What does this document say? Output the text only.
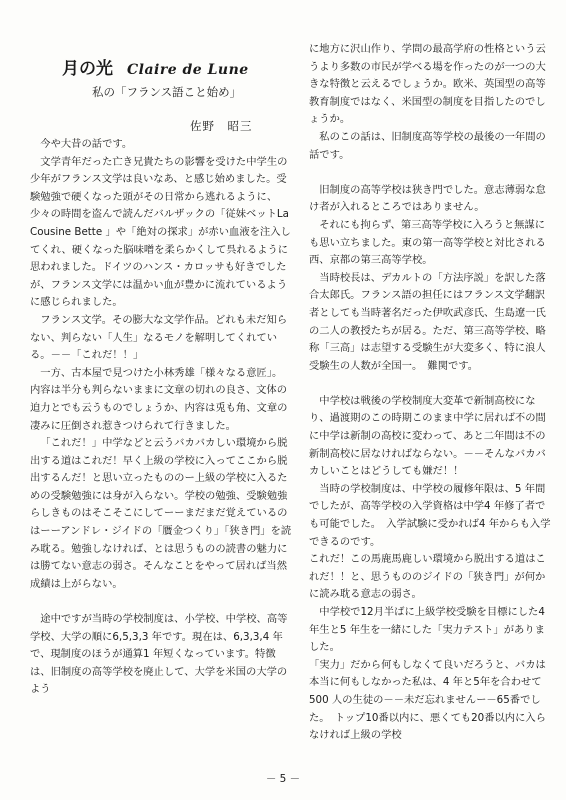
月の光 Claire de Lune
私の「フランス語こと始め」
佐野　昭三
今や大昔の話です。
文学青年だった亡き兄貴たちの影響を受けた中学生の少年がフランス文学は良いなあ、と感じ始めました。受験勉強で硬くなった頭がその日常から逃れるように、少々の時間を盗んで読んだバルザックの「従妹ベットLa Cousine Bette 」や「絶対の探求」が赤い血液を注入してくれ、硬くなった脳味噌を柔らかくして呉れるように思われました。ドイツのハンス・カロッサも好きでしたが、フランス文学には温かい血が豊かに流れているように感じられました。
フランス文学。その膨大な文学作品。どれも未だ知らない、判らない「人生」なるモノを解明してくれている。－－「これだ！！」
一方、古本屋で見つけた小林秀雄「様々なる意匠」。内容は半分も判らないままに文章の切れの良さ、文体の迫力とでも云うものでしょうか、内容は兎も角、文章の凄みに圧倒され惹きつけられて行きました。
「これだ！」中学などと云うバカバカしい環境から脱出する道はこれだ！早く上級の学校に入ってここから脱出するんだ！と思い立ったもののー上級の学校に入るための受験勉強には身が入らない。学校の勉強、受験勉強らしきものはそこそこにしてーーまだまだ覚えているのはーーアンドレ・ジイドの「贋金つくり」「狭き門」を読み耽る。勉強しなければ、とは思うものの読書の魅力には勝てない意志の弱さ。そんなことをやって居れば当然成績は上がらない。
途中ですが当時の学校制度は、小学校、中学校、高等学校、大学の順に6,5,3,3 年です。現在は、6,3,3,4 年で、現制度のほうが通算1 年短くなっています。特徴は、旧制度の高等学校を廃止して、大学を米国の大学のよう
に地方に沢山作り、学問の最高学府の性格という云うより多数の市民が学べる場を作ったのが一つの大きな特徴と云えるでしょうか。欧米、英国型の高等教育制度ではなく、米国型の制度を目指したのでしょうか。
私のこの話は、旧制度高等学校の最後の一年間の話です。
旧制度の高等学校は狭き門でした。意志薄弱な怠け者が入れるところではありません。
それにも拘らず、第三高等学校に入ろうと無謀にも思い立ちました。東の第一高等学校と対比される西、京都の第三高等学校。
当時校長は、デカルトの「方法序説」を訳した落合太郎氏。フランス語の担任にはフランス文学翻訳者としても当時著名だった伊吹武彦氏、生島遼一氏の二人の教授たちが居る。ただ、第三高等学校、略称「三高」は志望する受験生が大変多く、特に浪人受験生の人数が全国一。　難関です。
中学校は戦後の学校制度大変革で新制高校になり、過渡期のこの時期このまま中学に居れば不の間に中学は新制の高校に変わって、あと二年間は不の新制高校に居なければならない。－－そんなバカバカしいことはどうしても嫌だ！！
当時の学校制度は、中学校の履修年限は、5 年間でしたが、高等学校の入学資格は中学4 年修了者でも可能でした。　入学試験に受かれば4 年からも入学できるのです。
これだ！この馬鹿馬鹿しい環境から脱出する道はこれだ！！と、思うもののジイドの「狭き門」が何かに読み耽る意志の弱さ。
中学校で12月半ばに上級学校受験を目標にした4 年生と5 年生を一緒にした「実力テスト」がありました。
「実力」だから何もしなくて良いだろうと、バカは本当に何もしなかった私は、4 年と5年を合わせて500 人の生徒の－－未だ忘れませんー－65番でした。　トップ10番以内に、悪くても20番以内に入らなければ上級の学校
－ 5 －
